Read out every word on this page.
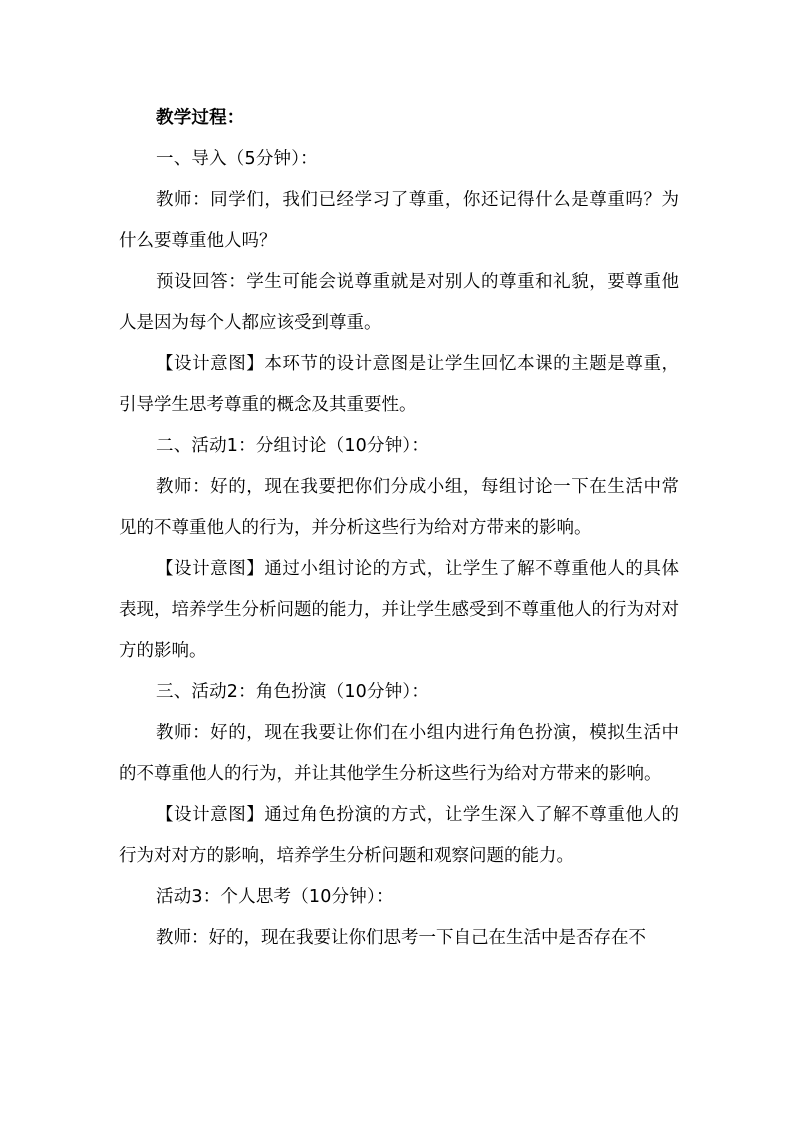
教学过程：
一、导入（5分钟）：

教师：同学们，我们已经学习了尊重，你还记得什么是尊重吗？为什么要尊重他人吗？

预设回答：学生可能会说尊重就是对别人的尊重和礼貌，要尊重他人是因为每个人都应该受到尊重。

【设计意图】本环节的设计意图是让学生回忆本课的主题是尊重，引导学生思考尊重的概念及其重要性。

二、活动1：分组讨论（10分钟）：

教师：好的，现在我要把你们分成小组，每组讨论一下在生活中常见的不尊重他人的行为，并分析这些行为给对方带来的影响。

【设计意图】通过小组讨论的方式，让学生了解不尊重他人的具体表现，培养学生分析问题的能力，并让学生感受到不尊重他人的行为对对方的影响。

三、活动2：角色扮演（10分钟）：

教师：好的，现在我要让你们在小组内进行角色扮演，模拟生活中的不尊重他人的行为，并让其他学生分析这些行为给对方带来的影响。

【设计意图】通过角色扮演的方式，让学生深入了解不尊重他人的行为对对方的影响，培养学生分析问题和观察问题的能力。

活动3：个人思考（10分钟）：

教师：好的，现在我要让你们思考一下自己在生活中是否存在不
